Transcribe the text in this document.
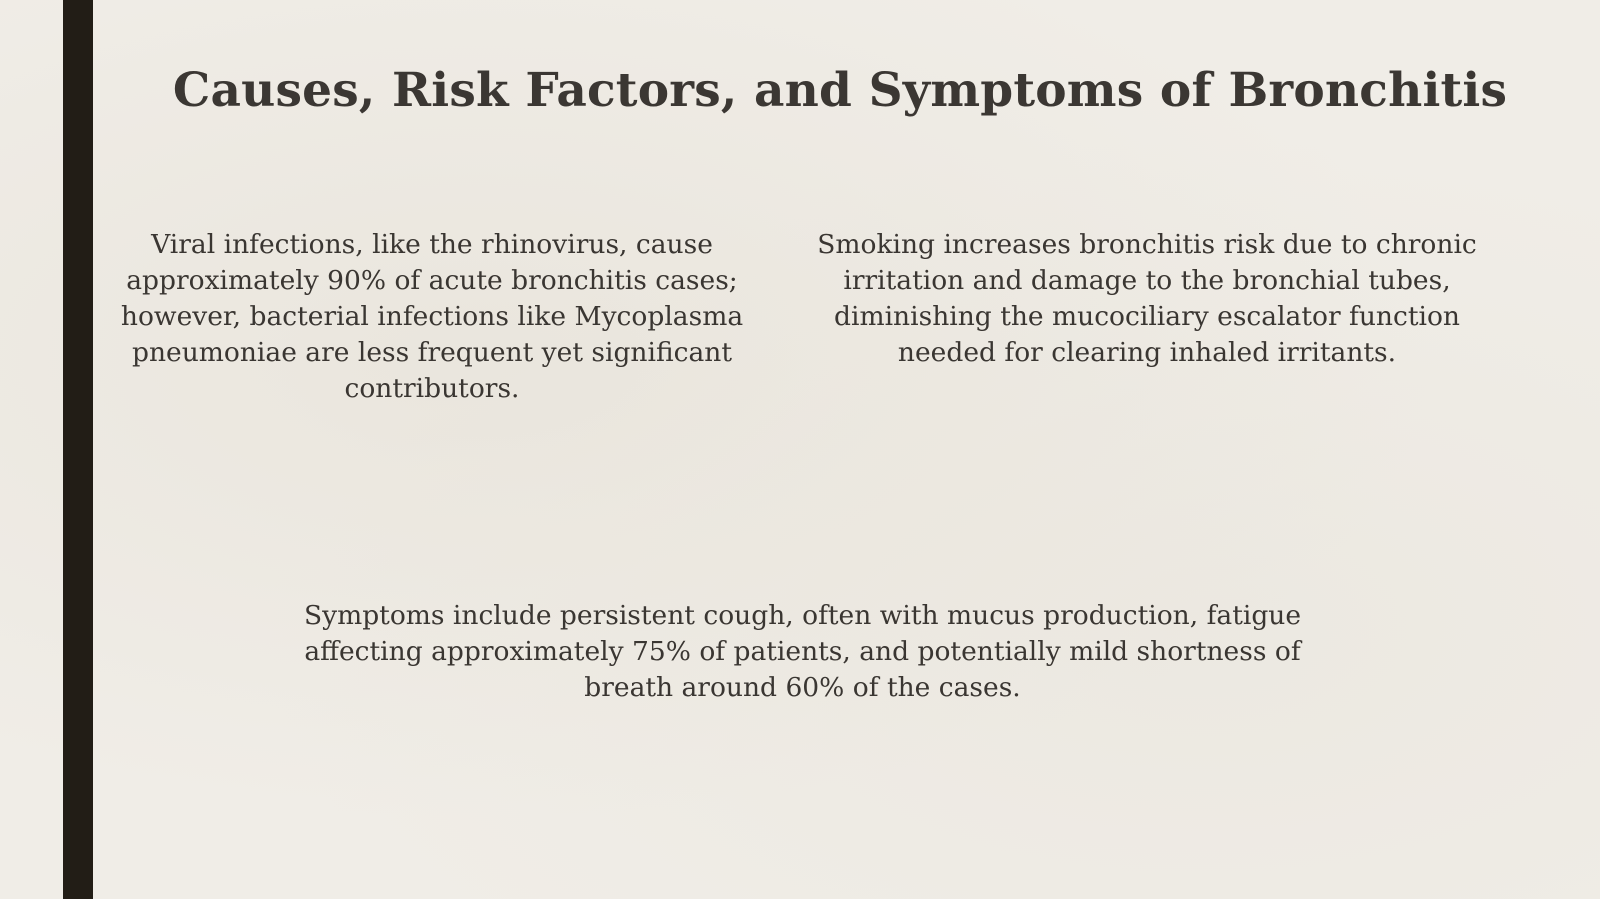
Causes, Risk Factors, and Symptoms of Bronchitis

Viral infections, like the rhinovirus, cause approximately 90% of acute bronchitis cases; however, bacterial infections like Mycoplasma pneumoniae are less frequent yet significant contributors.

Smoking increases bronchitis risk due to chronic irritation and damage to the bronchial tubes, diminishing the mucociliary escalator function needed for clearing inhaled irritants.

Symptoms include persistent cough, often with mucus production, fatigue affecting approximately 75% of patients, and potentially mild shortness of breath around 60% of the cases.
